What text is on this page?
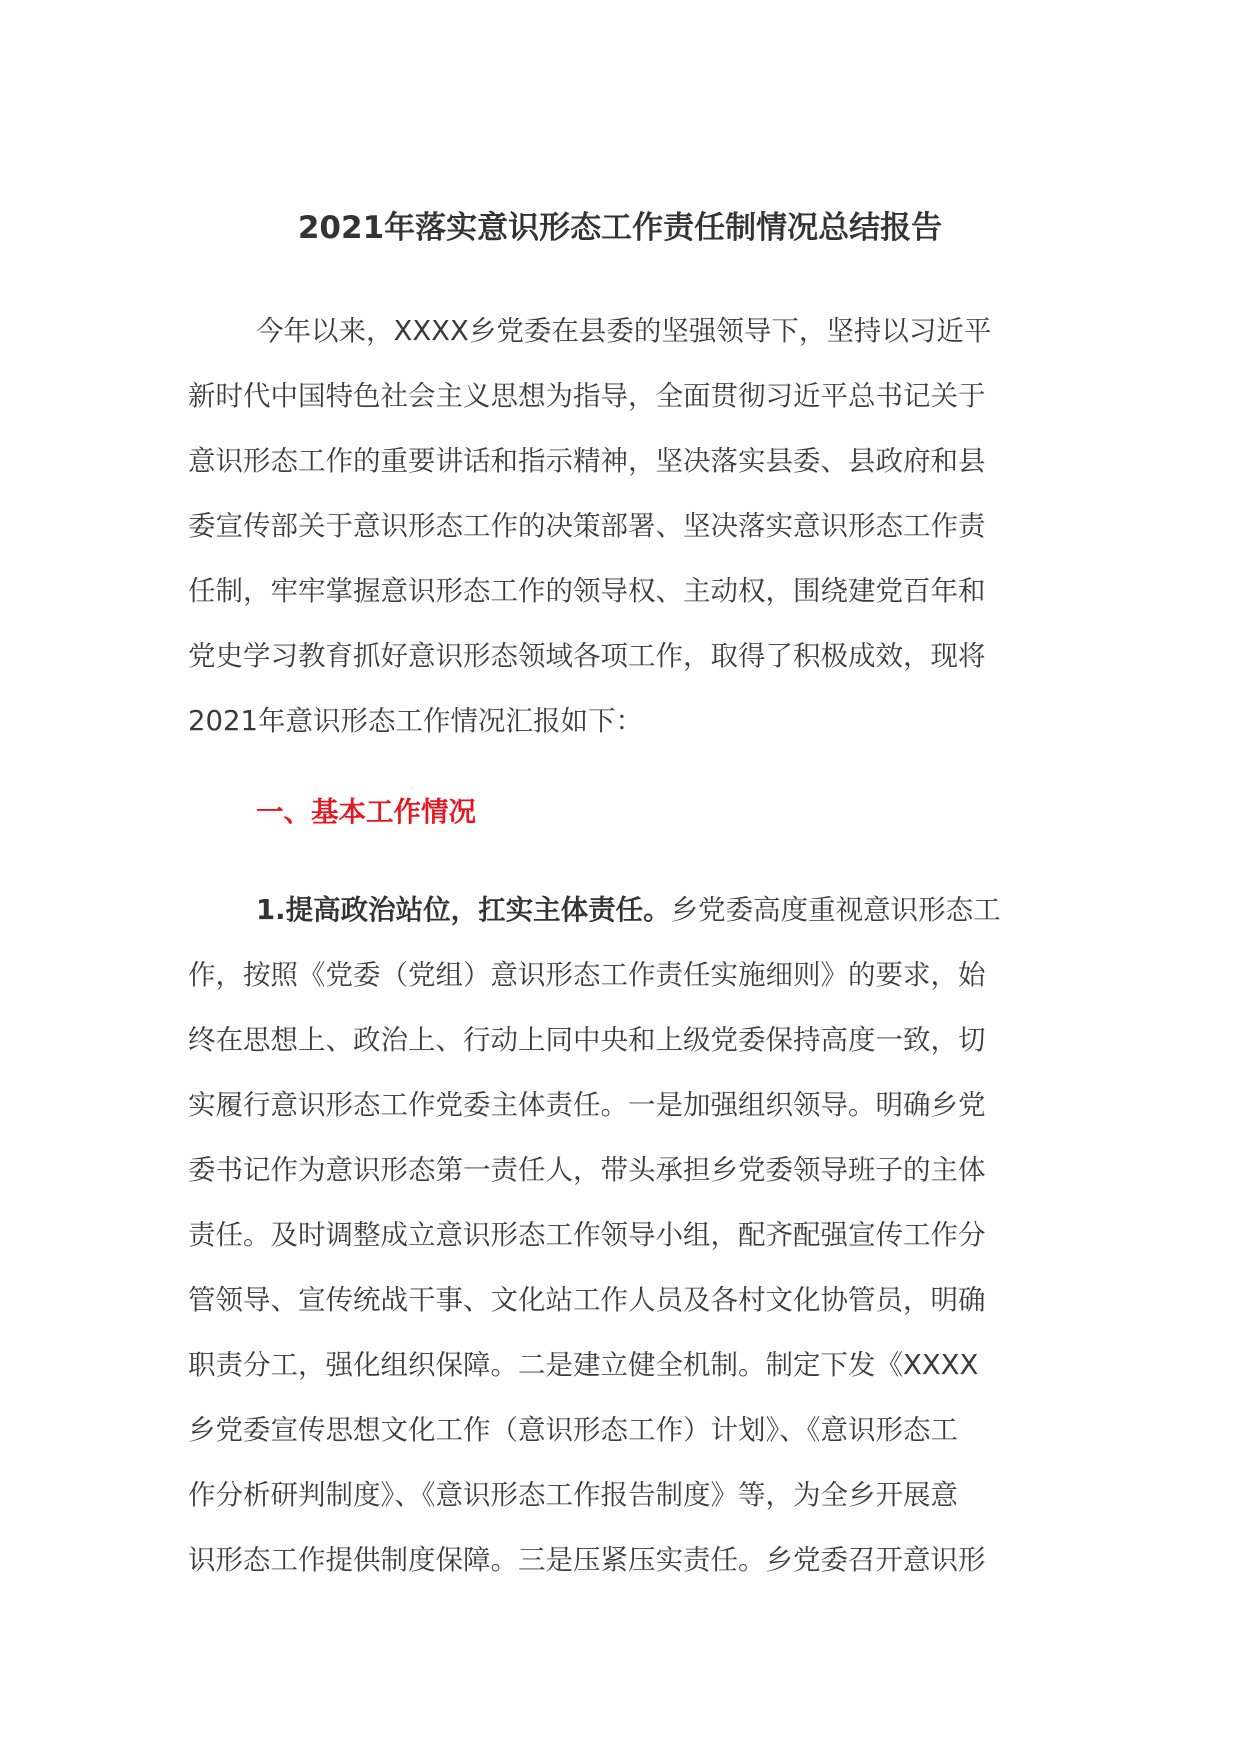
2021年落实意识形态工作责任制情况总结报告
今年以来，XXXX乡党委在县委的坚强领导下，坚持以习近平
新时代中国特色社会主义思想为指导，全面贯彻习近平总书记关于
意识形态工作的重要讲话和指示精神，坚决落实县委、县政府和县
委宣传部关于意识形态工作的决策部署、坚决落实意识形态工作责
任制，牢牢掌握意识形态工作的领导权、主动权，围绕建党百年和
党史学习教育抓好意识形态领域各项工作，取得了积极成效，现将
2021年意识形态工作情况汇报如下：
一、基本工作情况
1.提高政治站位，扛实主体责任。乡党委高度重视意识形态工
作，按照《党委（党组）意识形态工作责任实施细则》的要求，始
终在思想上、政治上、行动上同中央和上级党委保持高度一致，切
实履行意识形态工作党委主体责任。一是加强组织领导。明确乡党
委书记作为意识形态第一责任人，带头承担乡党委领导班子的主体
责任。及时调整成立意识形态工作领导小组，配齐配强宣传工作分
管领导、宣传统战干事、文化站工作人员及各村文化协管员，明确
职责分工，强化组织保障。二是建立健全机制。制定下发《XXXX
乡党委宣传思想文化工作（意识形态工作）计划》、《意识形态工
作分析研判制度》、《意识形态工作报告制度》等，为全乡开展意
识形态工作提供制度保障。三是压紧压实责任。乡党委召开意识形
